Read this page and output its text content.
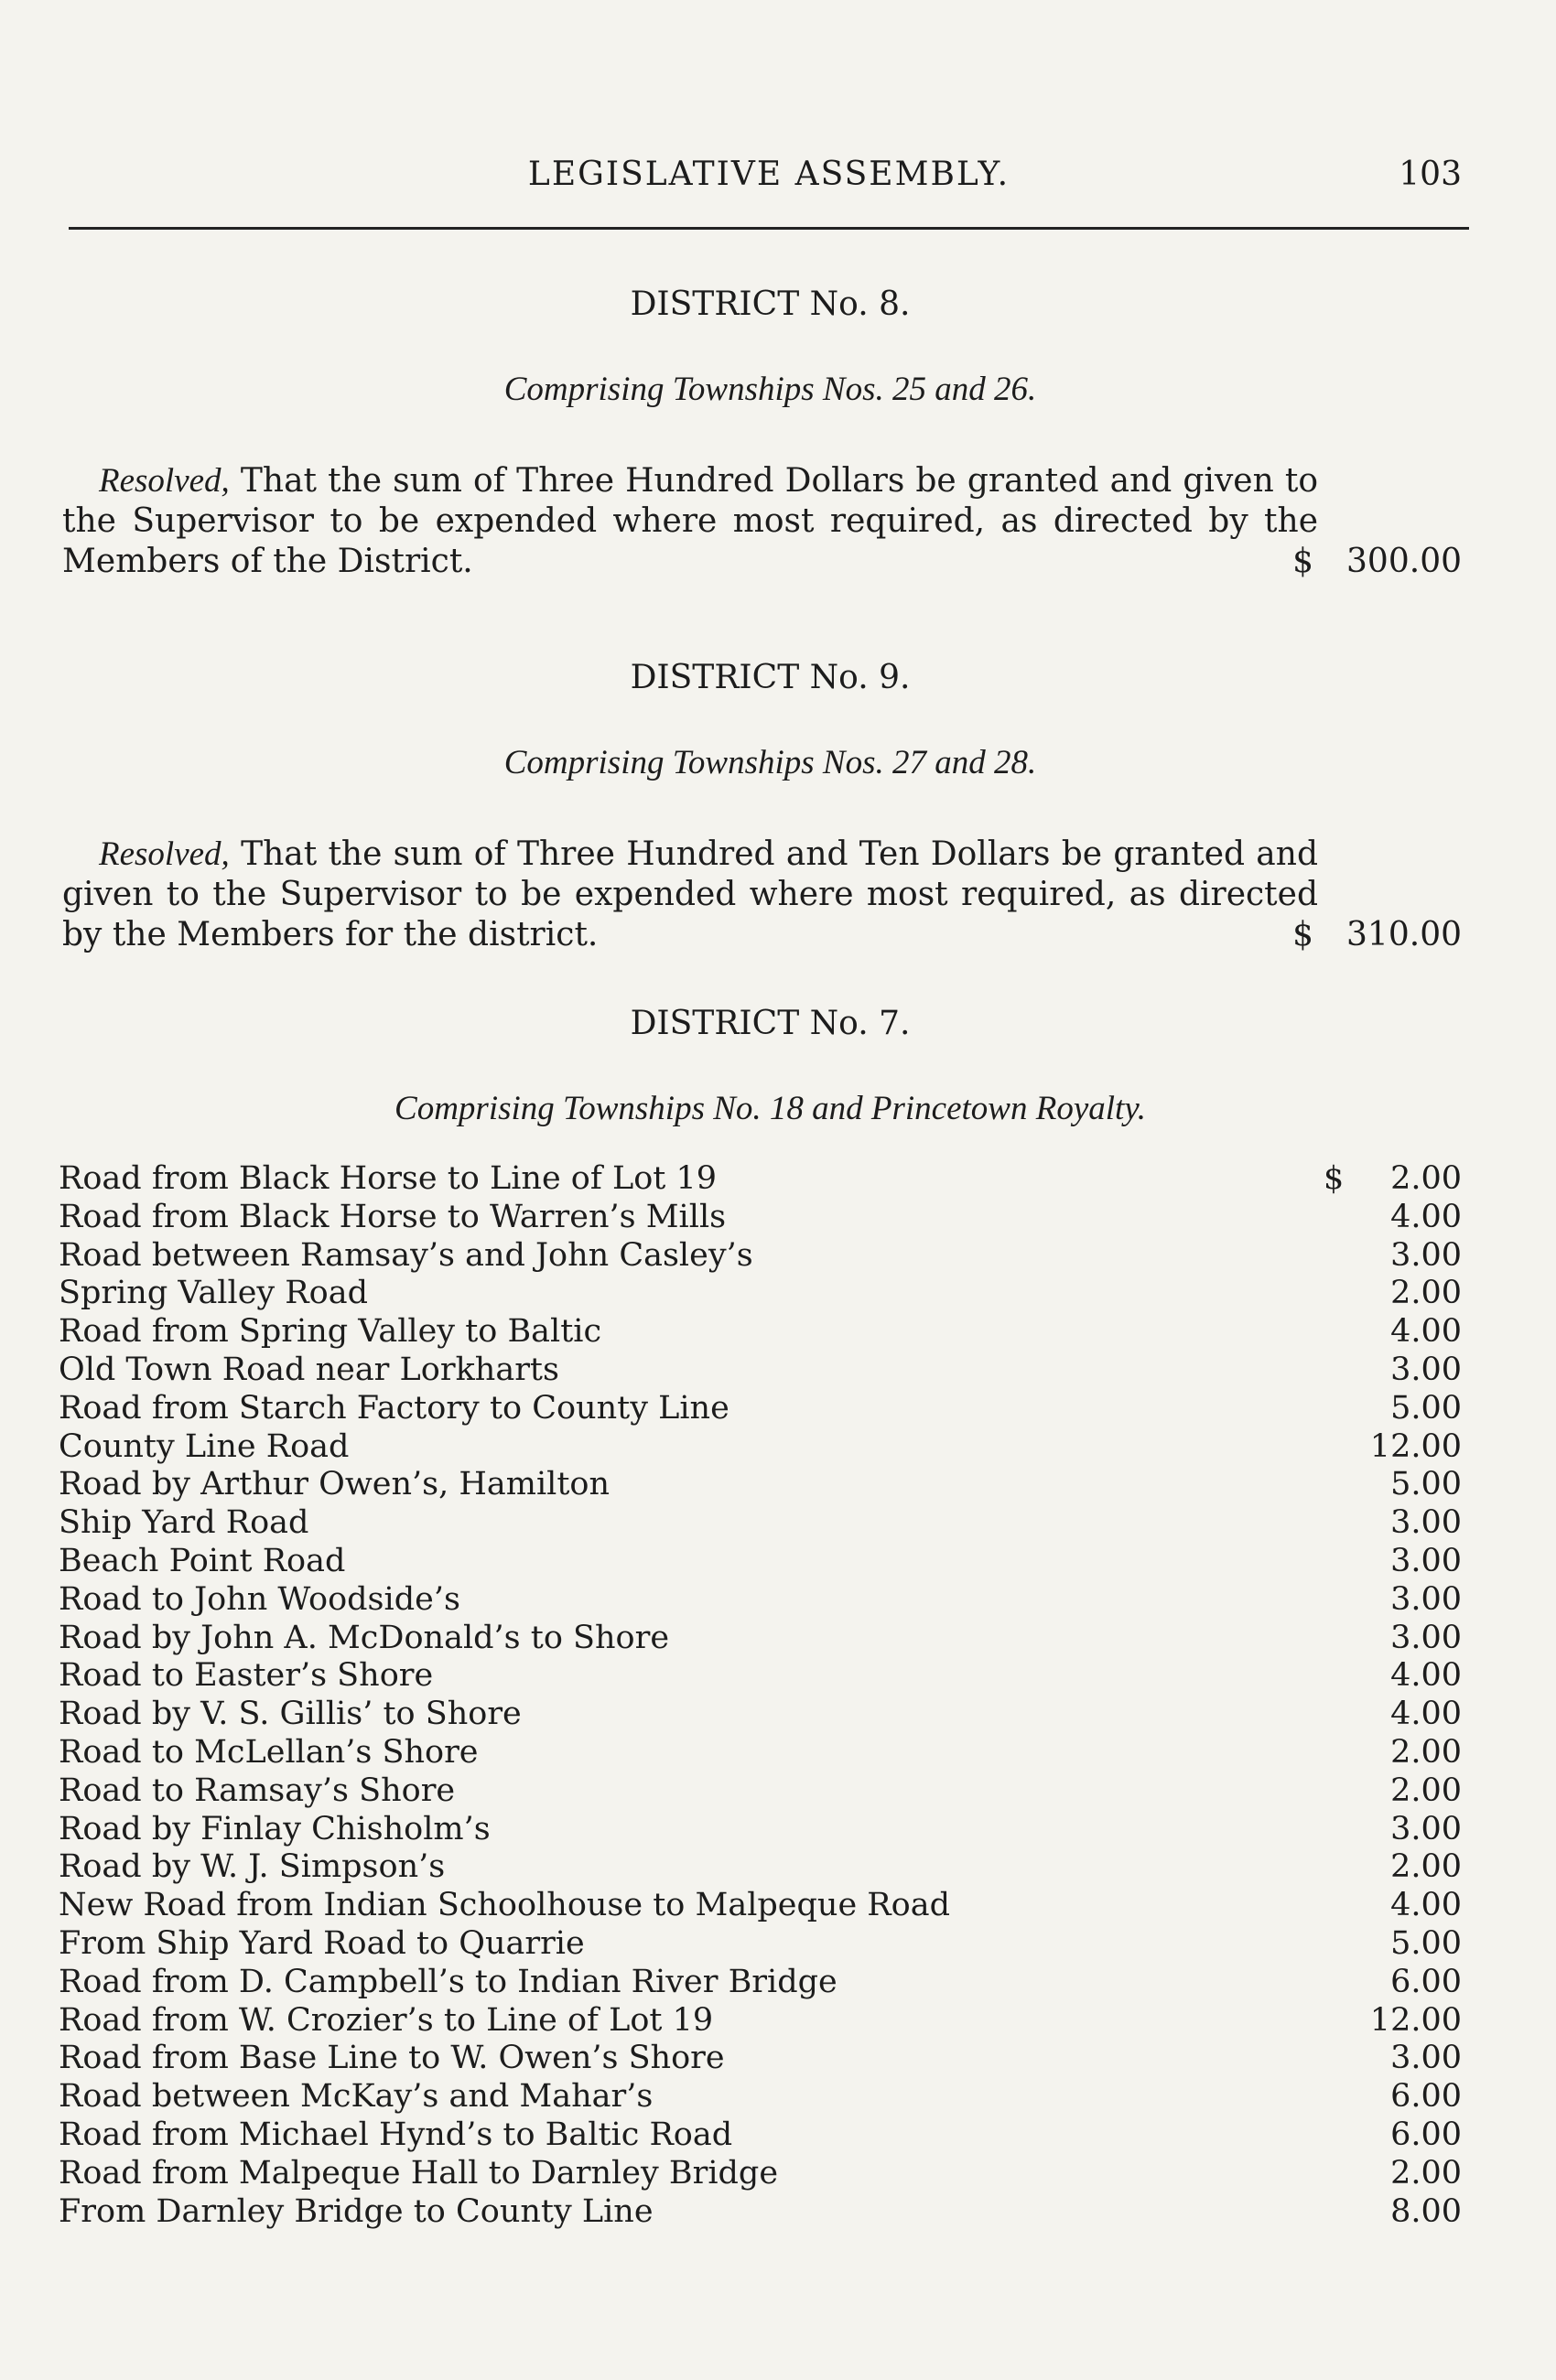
LEGISLATIVE ASSEMBLY.	103
DISTRICT No. 8.
Comprising Townships Nos. 25 and 26.
Resolved, That the sum of Three Hundred Dollars be granted and given to the Supervisor to be expended where most required, as directed by the Members of the District.	$ 300.00
DISTRICT No. 9.
Comprising Townships Nos. 27 and 28.
Resolved, That the sum of Three Hundred and Ten Dollars be granted and given to the Supervisor to be expended where most required, as directed by the Members for the district.	$ 310.00
DISTRICT No. 7.
Comprising Townships No. 18 and Princetown Royalty.
Road from Black Horse to Line of Lot 19	$ 2.00
Road from Black Horse to Warren’s Mills	4.00
Road between Ramsay’s and John Casley’s	3.00
Spring Valley Road	2.00
Road from Spring Valley to Baltic	4.00
Old Town Road near Lorkharts	3.00
Road from Starch Factory to County Line	5.00
County Line Road	12.00
Road by Arthur Owen’s, Hamilton	5.00
Ship Yard Road	3.00
Beach Point Road	3.00
Road to John Woodside’s	3.00
Road by John A. McDonald’s to Shore	3.00
Road to Easter’s Shore	4.00
Road by V. S. Gillis’ to Shore	4.00
Road to McLellan’s Shore	2.00
Road to Ramsay’s Shore	2.00
Road by Finlay Chisholm’s	3.00
Road by W. J. Simpson’s	2.00
New Road from Indian Schoolhouse to Malpeque Road	4.00
From Ship Yard Road to Quarrie	5.00
Road from D. Campbell’s to Indian River Bridge	6.00
Road from W. Crozier’s to Line of Lot 19	12.00
Road from Base Line to W. Owen’s Shore	3.00
Road between McKay’s and Mahar’s	6.00
Road from Michael Hynd’s to Baltic Road	6.00
Road from Malpeque Hall to Darnley Bridge	2.00
From Darnley Bridge to County Line	8.00
